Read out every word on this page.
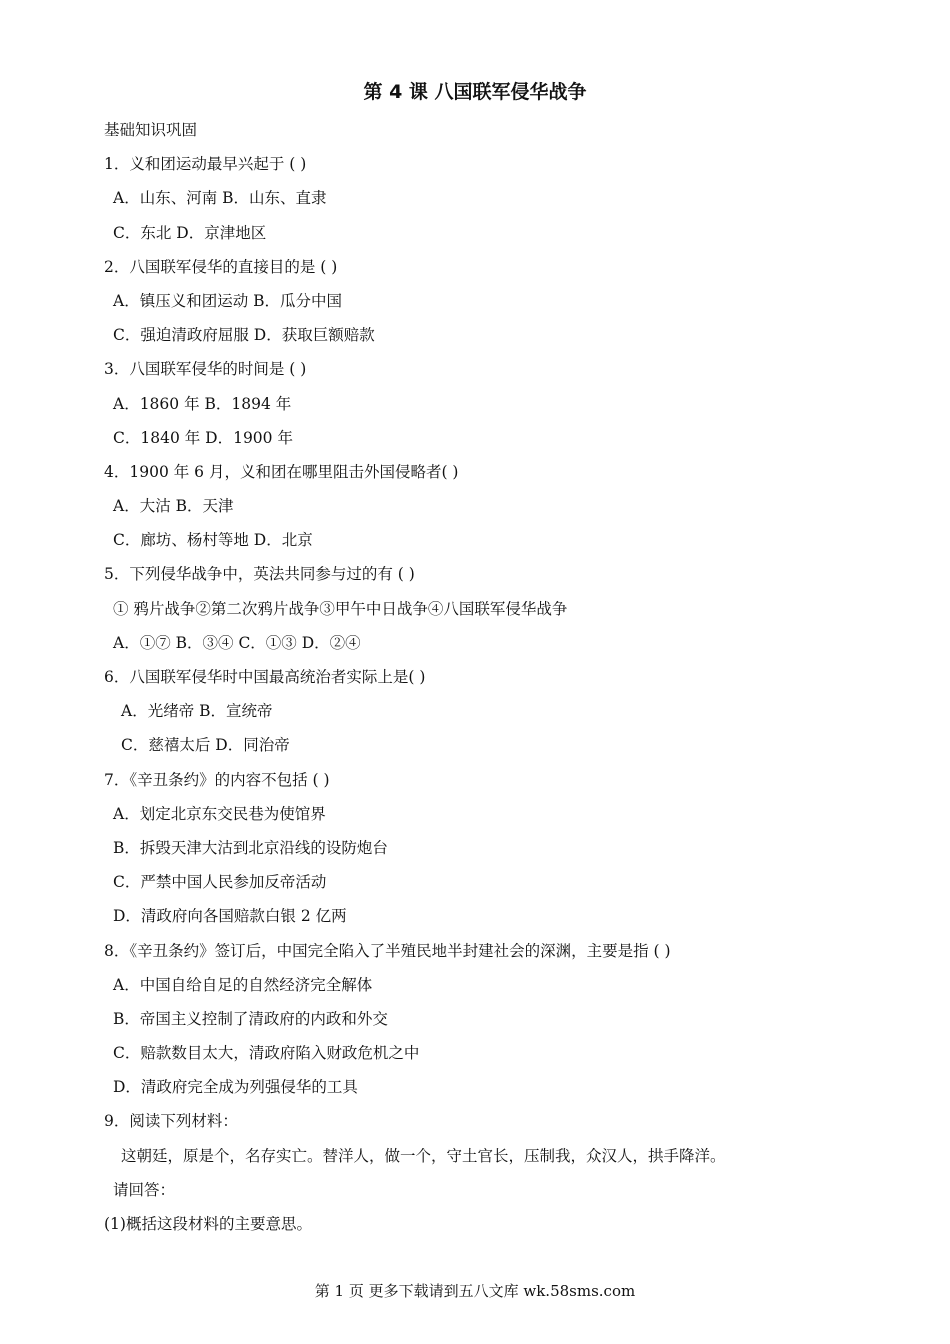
第 4 课 八国联军侵华战争
基础知识巩固
1．义和团运动最早兴起于 ( )
A．山东、河南 B．山东、直隶
C．东北 D．京津地区
2．八国联军侵华的直接目的是 ( )
A．镇压义和团运动 B．瓜分中国
C．强迫清政府屈服 D．获取巨额赔款
3．八国联军侵华的时间是 ( )
A．1860 年 B．1894 年
C．1840 年 D．1900 年
4．1900 年 6 月，义和团在哪里阻击外国侵略者( )
A．大沽 B．天津
C．廊坊、杨村等地 D．北京
5．下列侵华战争中，英法共同参与过的有 ( )
① 鸦片战争②第二次鸦片战争③甲午中日战争④八国联军侵华战争
A．①⑦ B．③④ C．①③ D．②④
6．八国联军侵华时中国最高统治者实际上是( )
A．光绪帝 B．宣统帝
C．慈禧太后 D．同治帝
7．《辛丑条约》的内容不包括 ( )
A．划定北京东交民巷为使馆界
B．拆毁天津大沽到北京沿线的设防炮台
C．严禁中国人民参加反帝活动
D．清政府向各国赔款白银 2 亿两
8．《辛丑条约》签订后，中国完全陷入了半殖民地半封建社会的深渊，主要是指 ( )
A．中国自给自足的自然经济完全解体
B．帝国主义控制了清政府的内政和外交
C．赔款数目太大，清政府陷入财政危机之中
D．清政府完全成为列强侵华的工具
9．阅读下列材料：
这朝廷，原是个，名存实亡。替洋人，做一个，守土官长，压制我，众汉人，拱手降洋。
请回答：
(1)概括这段材料的主要意思。
第 1 页 更多下载请到五八文库 wk.58sms.com
